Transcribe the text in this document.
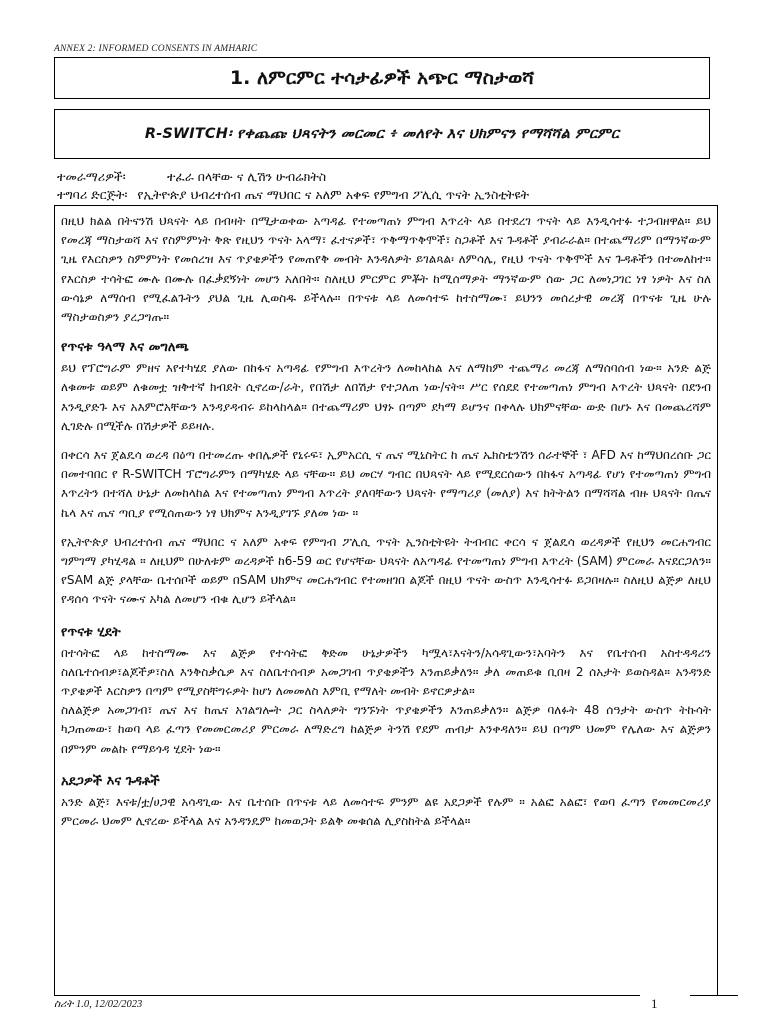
ANNEX 2: INFORMED CONSENTS IN AMHARIC
1. ለምርምር ተሳታፊዎች አጭር ማስታወሻ
R-SWITCH፡ የቀጨጩ ህጻናትን መርመር ፥ መለየት እና ህክምናን የማሻሻል ምርምር
ተመራማሪዎች፡	ተፈራ በላቸው ና ሊሽን ሁብሬክትስ
ተግባሪ ድርጅት፡ የኢትዮጵያ ህብረተሰብ ጤና ማህበር ና አለም አቀፍ የምግብ ፖሊሲ ጥናት ኢንስቲትዩት

በዚህ ክልል በትናንሽ ህጻናት ላይ በብዛት በሚታወቀው አጣዳፊ የተመጣጠነ ምግብ እጥረት ላይ በተደረገ ጥናት ላይ እንዲሳተፉ ተጋብዘዋል። ይህ የመረጃ ማስታወሻ እና የስምምነት ቅጽ የዚህን ጥናት አላማ፣ ፈተናዎች፣ ጥቅማጥቅሞች፣ ስጋቶች እና ጉዳቶች ያብራራል። በተጨማሪም በማንኛውም ጊዜ የእርስዎን ስምምነት የመሰረዝ እና ጥያቄዎችን የመጠየቅ መብት እንዳለዎት ይገልጻል፡ ለምሳሌ, የዚህ ጥናት ጥቅሞች እና ጉዳቶችን በተመለከተ። የእርስዎ ተሳትፎ ሙሉ በሙሉ በፈቃደኝነት መሆን አለበት። ስለዚህ ምርምር ምቾት ከሚሰማዎት ማንኛውም ሰው ጋር ለመነጋገር ነፃ ነዎት እና ስለ ውሳኔዎ ለማሰብ የሚፈልጉትን ያህል ጊዜ ሊወስዱ ይችላሉ። በጥናቱ ላይ ለመሳተፍ ከተስማሙ፣ ይህንን መሰረታዊ መረጃ በጥናቱ ጊዜ ሁሉ ማስታወስዎን ያረጋግጡ።

የጥናቱ ዓላማ እና መግለጫ

ይህ የፕሮግራም ምዘና እየተካሄደ ያለው በከፋና አጣዳፊ የምግብ እጥረትን ለመከላከል እና ለማከም ተጨማሪ መረጃ ለማሰባሰብ ነው። አንድ ልጅ ለቁመቱ ወይም ለቁመቷ ዝቅተኛ ክብደት ሲኖረው/ራት, የበሽታ ለበሽታ የተጋለጠ ነው/ናት። ሥር የሰደደ የተመጣጠነ ምግብ እጥረት ህጻናት በደንብ እንዲያድጉ እና አእምሮአቸውን እንዳያዳብሩ ይከላከላል። በተጨማሪም ህፃኑ በጣም ደካማ ይሆንና በቀላሉ ህክምናቸው ውድ በሆኑ እና በመጨረሻም ሊገድሉ በሚችሉ በሽታዎች ይይዛሉ.

በቀርሳ እና ጀልዴሳ ወረዳ በዕጣ በተመረጡ ቀበሌዎች የኒሩፍ፣ ኢምአርሲ ና ጤና ሚኒስትር ከ ጤና ኤክስቴንሽን ሰራተኞች ፣ AFD እና ከማህበረሰቡ ጋር በመተባበር የ R-SWITCH ፕሮግራምን በማካሄድ ላይ ናቸው። ይህ መርሃ ግብር በህጻናት ላይ የሚደርሰውን በከፋና አጣዳፊ የሆነ የተመጣጠነ ምግብ እጥረትን በተሻለ ሁኔታ ለመከላከል እና የተመጣጠነ ምግብ እጥረት ያለባቸውን ህጻናት የማጣሪያ (መለያ) እና ክትትልን በማሻሻል ብዙ ህጻናት በጤና ኬላ እና ጤና ጣቢያ የሚሰጠውን ነፃ ህክምና እንዲያገኙ ያለመ ነው ።

የኢትዮጵያ ህብረተሰብ ጤና ማህበር ና አለም አቀፍ የምግብ ፖሊሲ ጥናት ኢንስቲትዩት ትብብር ቀርሳ ና ጀልዴሳ ወረዳዎች የዚህን መርሐግብር ግምገማ ያካሂዳል ። ለዚህም በሁለቱም ወረዳዎች ከ6-59 ወር የሆናቸው ህጻናት ለአጣዳፊ የተመጣጠነ ምግብ እጥረት (SAM) ምርመራ እናደርጋለን። የSAM ልጅ ያላቸው ቤተሰቦች ወይም በSAM ህክምና መርሐግብር የተመዘገበ ልጆች በዚህ ጥናት ውስጥ እንዲሳተፉ ይጋበዛሉ። ስለዚህ ልጅዎ ለዚህ የዳሰሳ ጥናት ናሙና አካል ለመሆን ብቁ ሊሆን ይችላል።

የጥናቱ ሂደት

በተሳትፎ ላይ ከተስማሙ እና ልጅዎ የተሳትፎ ቅድመ ሁኔታዎችን ካሟላ፣እናትን/አሳዳጊውን፣አባትን እና የቤተሰብ አስተዳዳሪን ስለቤተሰብዎ፣ልጆችዎ፣ስለ እንቅስቃሴዎ እና ስለቤተሰብዎ አመጋገብ ጥያቄዎችን እንጠይቃለን። ቃለ መጠይቁ ቢበዛ 2 ሰአታት ይወስዳል። አንዳንድ ጥያቄዎች እርስዎን በጣም የሚያስቸግሩዎት ከሆነ ለመመለስ እምቢ የማለት መብት ይኖርዎታል።

ስለልጅዎ አመጋገብ፣ ጤና እና ከጤና አገልግሎት ጋር ስላለዎት ግንኙነት ጥያቄዎችን እንጠይቃለን። ልጅዎ ባለፉት 48 ሰዓታት ውስጥ ትኩሳት ካጋጠመው፣ ከወባ ላይ ፈጣን የመመርመሪያ ምርመራ ለማድረግ ከልጅዎ ትንሽ የደም ጠብታ እንቀዳለን። ይህ በጣም ህመም የሌለው እና ልጅዎን በምንም መልኩ የማይጎዳ ሂደት ነው።

አደጋዎች እና ጉዳቶች

አንድ ልጅ፣ እናቱ/ቷ/ሀጋዊ አሳዳጊው እና ቤተሰቡ በጥናቱ ላይ ለመሳተፍ ምንም ልዩ አደጋዎች የሉም ። አልፎ አልፎ፣ የወባ ፈጣን የመመርመሪያ ምርመራ ህመም ሊኖረው ይችላል እና አንዳንዴም ከመወጋት ይልቅ መቁሰል ሊያስከትል ይችላል።

ስሪት 1.0, 12/02/2023	1
